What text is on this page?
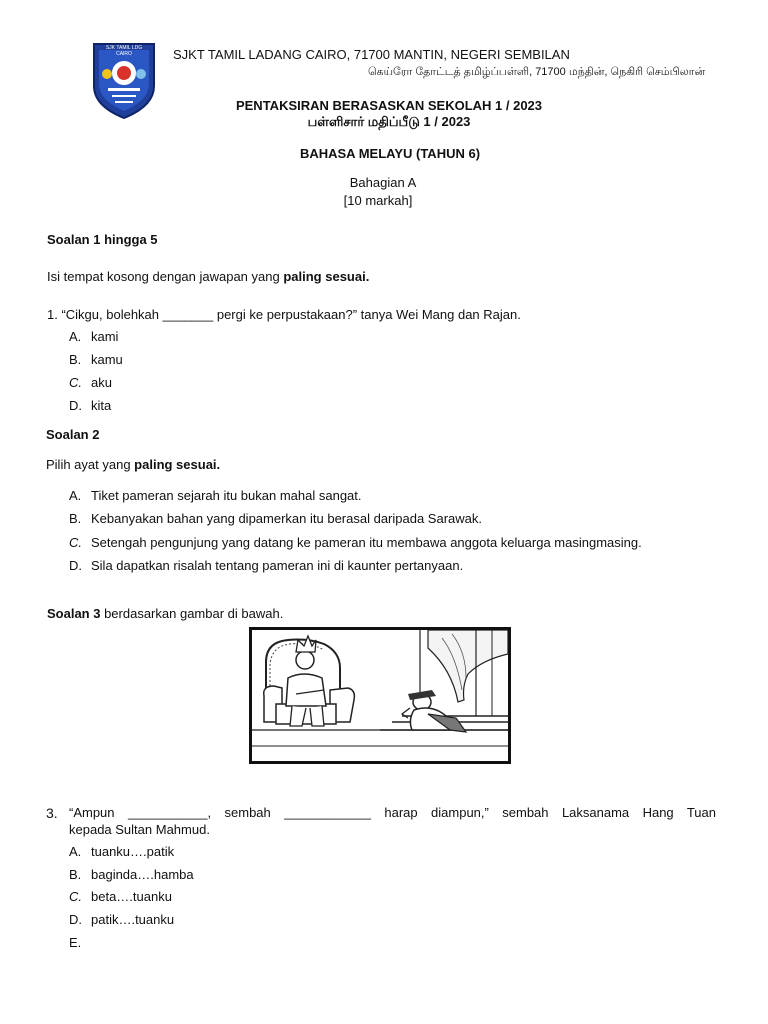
SJK TAMIL LDG CAIRO	SJKT TAMIL LADANG CAIRO, 71700 MANTIN, NEGERI SEMBILAN
கெய்ரோ தோட்டத் தமிழ்ப்பள்ளி, 71700 மந்தின், நெகிரி செம்பிலான்
PENTAKSIRAN BERASASKAN SEKOLAH 1 / 2023
பள்ளிசார் மதிப்பீடு 1 / 2023
BAHASA MELAYU (TAHUN 6)
Bahagian A
[10 markah]
Soalan 1 hingga 5
Isi tempat kosong dengan jawapan yang paling sesuai.
1. “Cikgu, bolehkah _______ pergi ke perpustakaan?” tanya Wei Mang dan Rajan.
A. kami
B. kamu
C. aku
D. kita
Soalan 2
Pilih ayat yang paling sesuai.
A. Tiket pameran sejarah itu bukan mahal sangat.
B. Kebanyakan bahan yang dipamerkan itu berasal daripada Sarawak.
C. Setengah pengunjung yang datang ke pameran itu membawa anggota keluarga masingmasing.
D. Sila dapatkan risalah tentang pameran ini di kaunter pertanyaan.
Soalan 3 berdasarkan gambar di bawah.
3. “Ampun ___________, sembah ____________ harap diampun,” sembah Laksanama Hang Tuan
kepada Sultan Mahmud.
A. tuanku….patik
B. baginda….hamba
C. beta….tuanku
D. patik….tuanku
E.
